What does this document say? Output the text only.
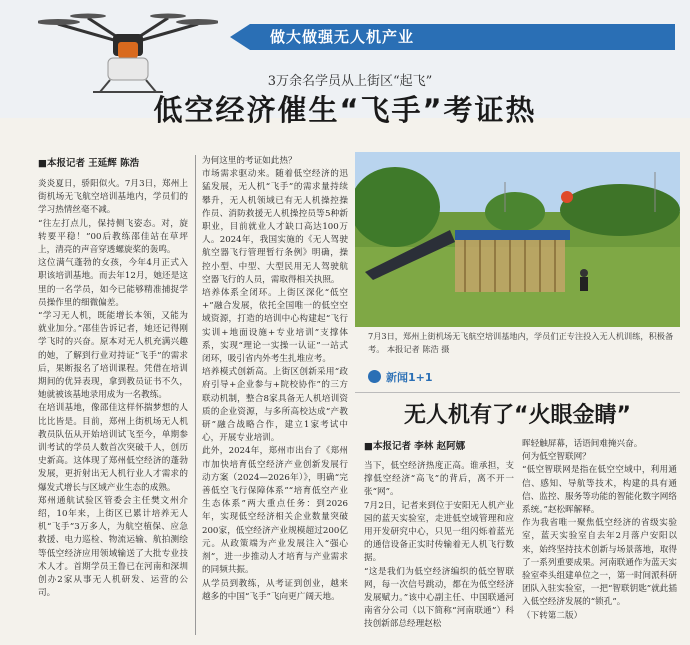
做大做强无人机产业
3万余名学员从上街区“起飞”
低空经济催生“飞手”考证热
■本报记者 王延辉 陈浩
炎炎夏日，骄阳似火。7月3日，郑州上街机场无飞航空培训基地内，学员们的学习热情丝毫不减。
“往左打点儿，保持侧飞姿态。对，旋转要平稳！”00后教练邵佳站在草坪上，清亮的声音穿透螺旋桨的轰鸣。
这位满气蓬勃的女孩，今年4月正式入职该培训基地。而去年12月，她还是这里的一名学员，如今已能够精准捕捉学员操作里的细微偏差。
“学习无人机，既能增长本领，又能为就业加分。”邵佳告诉记者，她还记得刚学飞时的兴奋。原本对无人机充满兴趣的她，了解到行业对持证“飞手”的需求后，果断报名了培训课程。凭借在培训期间的优异表现，拿到教员证书不久，她就被该基地录用成为一名教练。
在培训基地，像邵佳这样怀揣梦想的人比比皆是。目前，郑州上街机场无人机教员队伍从开始培训试飞至今，单期参训考试的学员人数首次突破千人，创历史新高。这体现了郑州低空经济的蓬勃发展，更折射出无人机行业人才需求的爆发式增长与区域产业生态的成熟。
郑州通航试验区管委会主任樊文州介绍，10年来，上街区已累计培养无人机“飞手”3万多人，为航空植保、应急救援、电力巡检、物流运输、航拍测绘等低空经济应用领域输送了大批专业技术人才。首期学员王鲁已在河南和深圳创办2家从事无人机研发、运营的公司。
为何这里的考证如此热？
市场需求驱动来。随着低空经济的迅猛发展，无人机“飞手”的需求量持续攀升，无人机领域已有无人机操控操作员、消防救援无人机操控员等5种新职业，目前就业人才缺口高达100万人。2024年，我国实施的《无人驾驶航空器飞行管理暂行条例》明确，操控小型、中型、大型民用无人驾驶航空器飞行的人员，需取得相关执照。
培养体系全闭环。上街区深化“低空+”融合发展，依托全国唯一的低空空域资源，打造的培训中心构建起“飞行实训+地面设施+专业培训”支撑体系，实现“理论一实操一认证”一站式闭环，吸引省内外考生扎堆应考。
培养模式创新高。上街区创新采用“政府引导+企业参与+院校协作”的三方联动机制，整合8家具备无人机培训资质的企业资源，与多所高校达成“产教研”融合战略合作，建立1家考试中心，开展专业培训。
此外，2024年，郑州市出台了《郑州市加快培育低空经济产业创新发展行动方案（2024—2026年）》，明确“完善低空飞行保障体系”“培育低空产业生态体系”两大重点任务：到2026年，实现低空经济相关企业数量突破200家，低空经济产业规模超过200亿元。从政策端为产业发展注入“强心剂”，进一步推动人才培育与产业需求的同频共振。
从学员到教练，从考证到创业，越来越多的中国“飞手”飞向更广阔天地。
7月3日，郑州上街机场无飞航空培训基地内，学员们正专注投入无人机训练，积极备考。 本报记者 陈浩 摄
新闻1+1
无人机有了“火眼金睛”
■本报记者 李林 赵阿娜
当下，低空经济热度正高。谁承担，支撑低空经济“高飞”的背后，离不开一张“网”。
7月2日，记者来到位于安阳无人机产业园的蓝天实验室，走进低空域管理和应用开发研究中心，只见一组闪烁着蓝光的通信设备正实时传输着无人机飞行数据。
“这是我们为低空经济编织的低空智联网，每一次信号跳动，都在为低空经济发展赋力。”该中心副主任、中国联通河南省分公司（以下简称“河南联通”）科技创新部总经理赵松
晖轻触屏幕，话语间难掩兴奋。
何为低空智联网？
“低空智联网是指在低空空域中，利用通信、感知、导航等技术，构建的具有通信、监控、服务等功能的智能化数字网络系统。”赵松晖解释。
作为我省唯一聚焦低空经济的省级实验室，蓝天实验室自去年2月落户安阳以来，始终坚持技术创新与场景落地，取得了一系列重要成果。河南联通作为蓝天实验室牵头组建单位之一，第一时间派科研团队入驻实验室，一把“智联钥匙”就此插入低空经济发展的“锁孔”。
（下转第二版）
